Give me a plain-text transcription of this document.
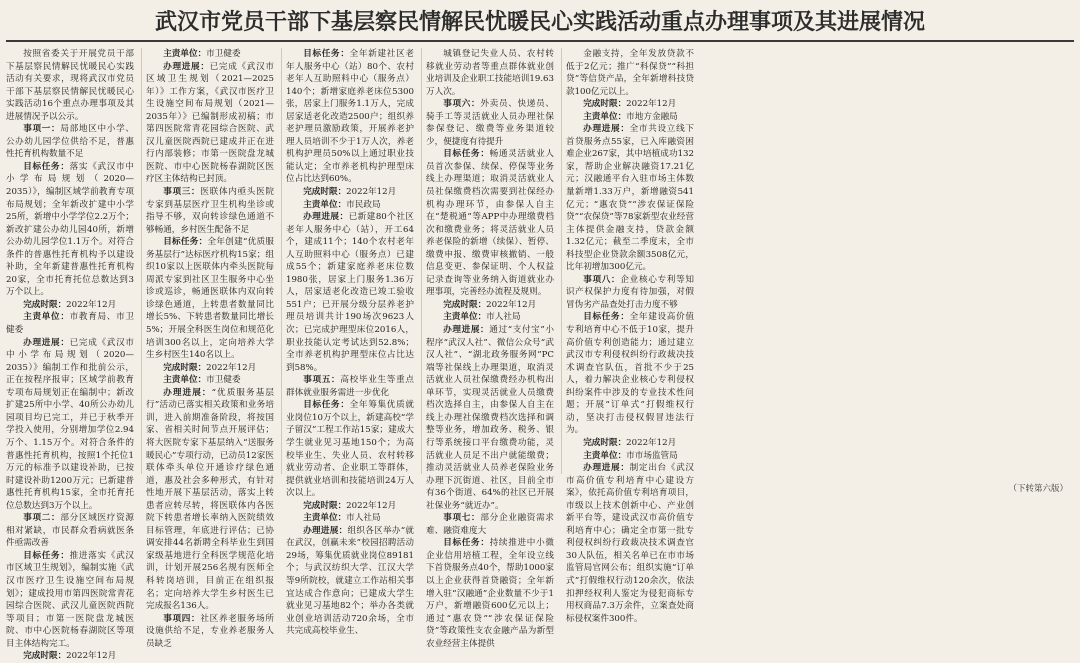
武汉市党员干部下基层察民情解民忧暖民心实践活动重点办理事项及其进展情况

按照省委关于开展党员干部下基层察民情解民忧暖民心实践活动有关要求，现将武汉市党员干部下基层察民情解民忧暖民心实践活动16个重点办理事项及其进展情况予以公示。

事项一：局部地区中小学、公办幼儿园学位供给不足，普惠性托育机构数量不足

目标任务：落实《武汉市中小学布局规划（2020—2035）》，编制区域学前教育专项布局规划；全年新改扩建中小学25所，新增中小学学位2.2万个；新改扩建公办幼儿园40所，新增公办幼儿园学位1.1万个。对符合条件的普惠性托育机构予以建设补助，全年新建普惠性托育机构20家，全市托育托位总数达到3万个以上。

完成时限：2022年12月

主责单位：市教育局、市卫健委

办理进展：已完成《武汉市中小学布局规划（2020—2035）》编制工作和批前公示，正在按程序报审；区域学前教育专项布局规划正在编制中；新改扩建25所中小学、40所公办幼儿园项目均已完工，并已于秋季开学投入使用，分别增加学位2.94万个、1.15万个。对符合条件的普惠性托育机构，按照1个托位1万元的标准予以建设补助，已按时建设补助1200万元；已新建普惠性托育机构15家，全市托育托位总数达到3万个以上。

事项二：部分区域医疗资源相对紧缺，市民群众看病就医条件亟需改善

目标任务：推进落实《武汉市区域卫生规划》，编制实施《武汉市医疗卫生设施空间布局规划》；建成投用市第四医院常青花园综合医院、武汉儿童医院西院等项目；市第一医院盘龙城医院、市中心医院杨春湖院区等项目主体结构完工。

完成时限：2022年12月

主责单位：市卫健委

办理进展：已完成《武汉市区域卫生规划（2021—2025年）》工作方案，《武汉市医疗卫生设施空间布局规划（2021—2035年）》已编制形成初稿；市第四医院常青花园综合医院、武汉儿童医院西院已建成并正在进行内部装修；市第一医院盘龙城医院、市中心医院杨春湖院区医疗区主体结构已封顶。

事项三：医联体内亟头医院专家到基层医疗卫生机构坐诊或指导不够，双向转诊绿色通道不够畅通，乡村医生配备不足

目标任务：全年创建“优质服务基层行”达标医疗机构15家；组织10家以上医联体内牵头医院每周派专家到社区卫生服务中心坐诊或巡诊，畅通医联体内双向转诊绿色通道，上转患者数量同比增长5%、下转患者数量同比增长5%；开展全科医生岗位和规范化培训300名以上，定向培养大学生乡村医生140名以上。

完成时限：2022年12月

主责单位：市卫健委

办理进展：“优质服务基层行”活动已落实相关政策和业务培训，进入前期准备阶段，将按国家、省相关时间节点开展评估；将大医院专家下基层纳入“送服务暖民心”专项行动，已动员12家医联体牵头单位开通诊疗绿色通道，惠及社会多种形式，有针对性地开展下基层活动，落实上转患者应转尽转，将医联体内各医院下转患者增长率纳入医院绩效目标管理，年底进行评估；已协调安排44名新聘全科毕业生到国家级基地进行全科医学规范化培训，计划开展256名规有医师全科转岗培训，目前正在组织报名；定向培养大学生乡村医生已完成报名136人。

事项四：社区养老服务场所设施供给不足，专业养老服务人员缺乏

目标任务：全年新建社区老年人服务中心（站）80个、农村老年人互助照料中心（服务点）140个；新增家庭养老床位5300张，居家上门服务1.1万人，完成居家适老化改造2500户；组织养老护理员激励政策，开展养老护理人员培训不少于1万人次，养老机构护理员50%以上通过职业技能认定；全市养老机构护理型床位占比达到60%。

完成时限：2022年12月

主责单位：市民政局

办理进展：已新建80个社区老年人服务中心（站），开工64个，建成11个；140个农村老年人互助照料中心（服务点）已建成55个；新建家庭养老床位数1980张，居家上门服务1.36万人，居家适老化改造已竣工验收551户；已开展分级分层养老护理员培训共计190场次9623人次；已完成护理型床位2016人，职业技能认定考试达到52.8%；全市养老机构护理型床位占比达到58%。

事项五：高校毕业生等重点群体就业服务需进一步优化

目标任务：全年筹集优质就业岗位10万个以上，新建高校“学子留汉”工程工作站15家；建成大学生就业见习基地150个；为高校毕业生、失业人员、农村转移就业劳动者、企业职工等群体，提供就业培训和技能培训24万人次以上。

完成时限：2022年12月

主责单位：市人社局

办理进展：组织各区举办“就在武汉，创赢未来”校园招聘活动29场，筹集优质就业岗位89181个；与武汉纺织大学、江汉大学等9所院校，就建立工作站相关事宜达成合作意向；已建成大学生就业见习基地82个；举办各类就业创业培训活动720余场，全市共完成高校毕业生、

城镇登记失业人员、农村转移就业劳动者等重点群体就业创业培训及企业职工技能培训19.63万人次。

事项六：外卖员、快递员、骑手工等灵活就业人员办理社保参保登记、缴费等业务渠道较少，便捷度有待提升

目标任务：畅通灵活就业人员首次参保、续保、停保等业务线上办理渠道；取消灵活就业人员社保缴费档次需要到社保经办机构办理环节，由参保人自主在“楚税通”等APP中办理缴费档次和缴费业务；将灵活就业人员养老保险的新增（续保）、暂停、缴费申报、缴费审核撤销、一般信息变更、参保证明、个人权益记录查询等业务纳入街道就业办理事项，完善经办流程及规则。

完成时限：2022年12月

主责单位：市人社局

办理进展：通过“支付宝”小程序“武汉人社”、微信公众号“武汉人社”、“湖北政务服务网”PC端等社保线上办理渠道，取消灵活就业人员社保缴费经办机构出单环节，实现灵活就业人员缴费档次选择自主，由参保人自主在线上办理社保缴费档次选择和调整等业务，增加政务、税务、银行等系统接口平台缴费功能，灵活就业人员足不出户就能缴费；推动灵活就业人员养老保险业务办理下沉街道、社区，目前全市有36个街道、64%的社区已开展社保业务“就近办”。

事项七：部分企业融资需求难、融资难度大

目标任务：持续推进中小微企业信用培植工程，全年设立线下首贷服务点40个，帮助1000家以上企业获得首贷融资；全年新增入驻“汉融通”企业数量不少于1万户，新增融资600亿元以上；通过“惠农贷”“涉农保证保险贷”等政策性支农金融产品为新型农业经营主体提供

金融支持，全年发放贷款不低于2亿元；推广“科保贷”“科担贷”等信贷产品，全年新增科技贷款100亿元以上。

完成时限：2022年12月

主责单位：市地方金融局

办理进展：全市共设立线下首贷服务点55家，已入库融资困难企业267家，其中培植成功132家，帮助企业解决融资17.21亿元；汉融通平台入驻市场主体数量新增1.33万户，新增融资541亿元；“惠农贷”“涉农保证保险贷”“农保贷”等78家新型农业经营主体提供金融支持，贷款金额1.32亿元；截至二季度末，全市科技型企业贷款余额3508亿元，比年初增加300亿元。

事项八：企业核心专利等知识产权保护力度有待加强，对假冒伪劣产品查处打击力度不够

目标任务：全年建设高价值专利培育中心不低于10家，提升高价值专利创造能力；通过建立武汉市专利侵权纠纷行政裁决技术调查官队伍，首批不少于25人，着力解决企业核心专利侵权纠纷案件中涉及的专业技术性问题；开展“订单式”打假维权行动，坚决打击侵权假冒违法行为。

完成时限：2022年12月

主责单位：市市场监管局

办理进展：制定出台《武汉市高价值专利培育中心建设方案》，依托高价值专利培育项目，市级以上技术创新中心、产业创新平台等，建设武汉市高价值专利培育中心；确定全市第一批专利侵权纠纷行政裁决技术调查官30人队伍，相关名单已在市市场监管局官网公布；组织实施“订单式”打假维权行动120余次，依法扣押经权利人鉴定为侵犯商标专用权商品7.3万余件，立案查处商标侵权案件300件。

（下转第六版）
